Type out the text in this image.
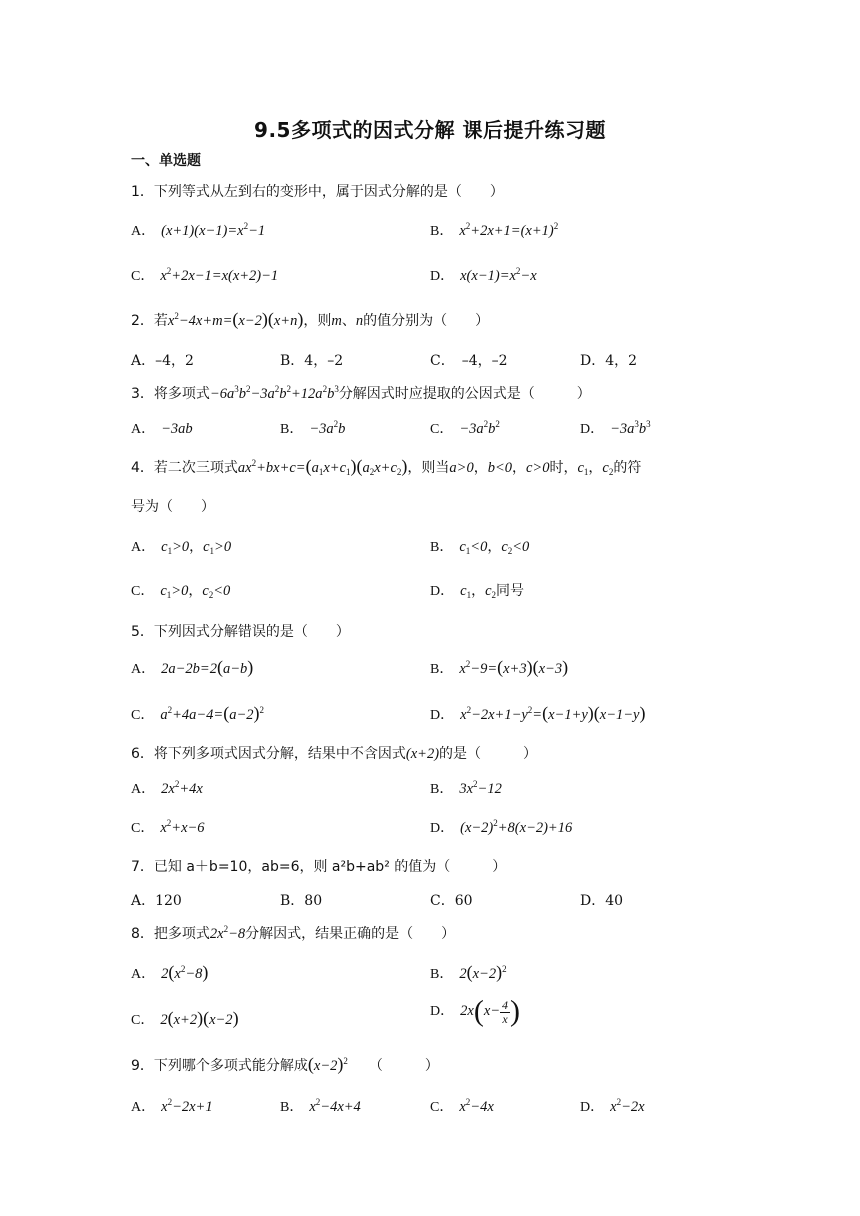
9.5多项式的因式分解 课后提升练习题
一、单选题
1．下列等式从左到右的变形中，属于因式分解的是（　　）
A． $(x+1)(x-1)=x^2-1$	B． $x^2+2x+1=(x+1)^2$
C． $x^2+2x-1=x(x+2)-1$	D． $x(x-1)=x^2-x$
2．若$x^2-4x+m=(x-2)(x+n)$，则m、n的值分别为（　　）
A．–4，2	B．4，–2	C．　–4，–2	D．4，2
3．将多项式$-6a^3b^2-3a^2b^2+12a^2b^3$分解因式时应提取的公因式是（　　　）
A． −3ab	B． $-3a^2b$	C． $-3a^2b^2$	D． $-3a^3b^3$
4．若二次三项式$ax^2+bx+c=(a_1x+c_1)(a_2x+c_2)$，则当a>0，b<0，c>0时，$c_1$，$c_2$的符
号为（　　）
A． $c_1>0$，$c_1>0$	B． $c_1<0$，$c_2<0$
C． $c_1>0$，$c_2<0$	D． $c_1$，$c_2$同号
5．下列因式分解错误的是（　　）
A． 2a−2b=2(a−b)	B． $x^2-9=(x+3)(x-3)$
C． $a^2+4a-4=(a-2)^2$	D． $x^2-2x+1-y^2=(x-1+y)(x-1-y)$
6．将下列多项式因式分解，结果中不含因式(x+2)的是（　　　）
A． $2x^2+4x$	B． $3x^2-12$
C． $x^2+x-6$	D． $(x-2)^2+8(x-2)+16$
7．已知 a＋b=10，ab=6，则 a²b+ab² 的值为（　　　）
A．120	B．80	C．60	D．40
8．把多项式$2x^2-8$分解因式，结果正确的是（　　）
A． $2(x^2-8)$	B． $2(x-2)^2$
C． 2(x+2)(x−2)	D． $2x(x- \frac{4}{x}$ )
9．下列哪个多项式能分解成$(x-2)^2$　　（　　　）
A． $x^2-2x+1$	B． $x^2-4x+4$	C． $x^2-4x$	D． $x^2-2x$
